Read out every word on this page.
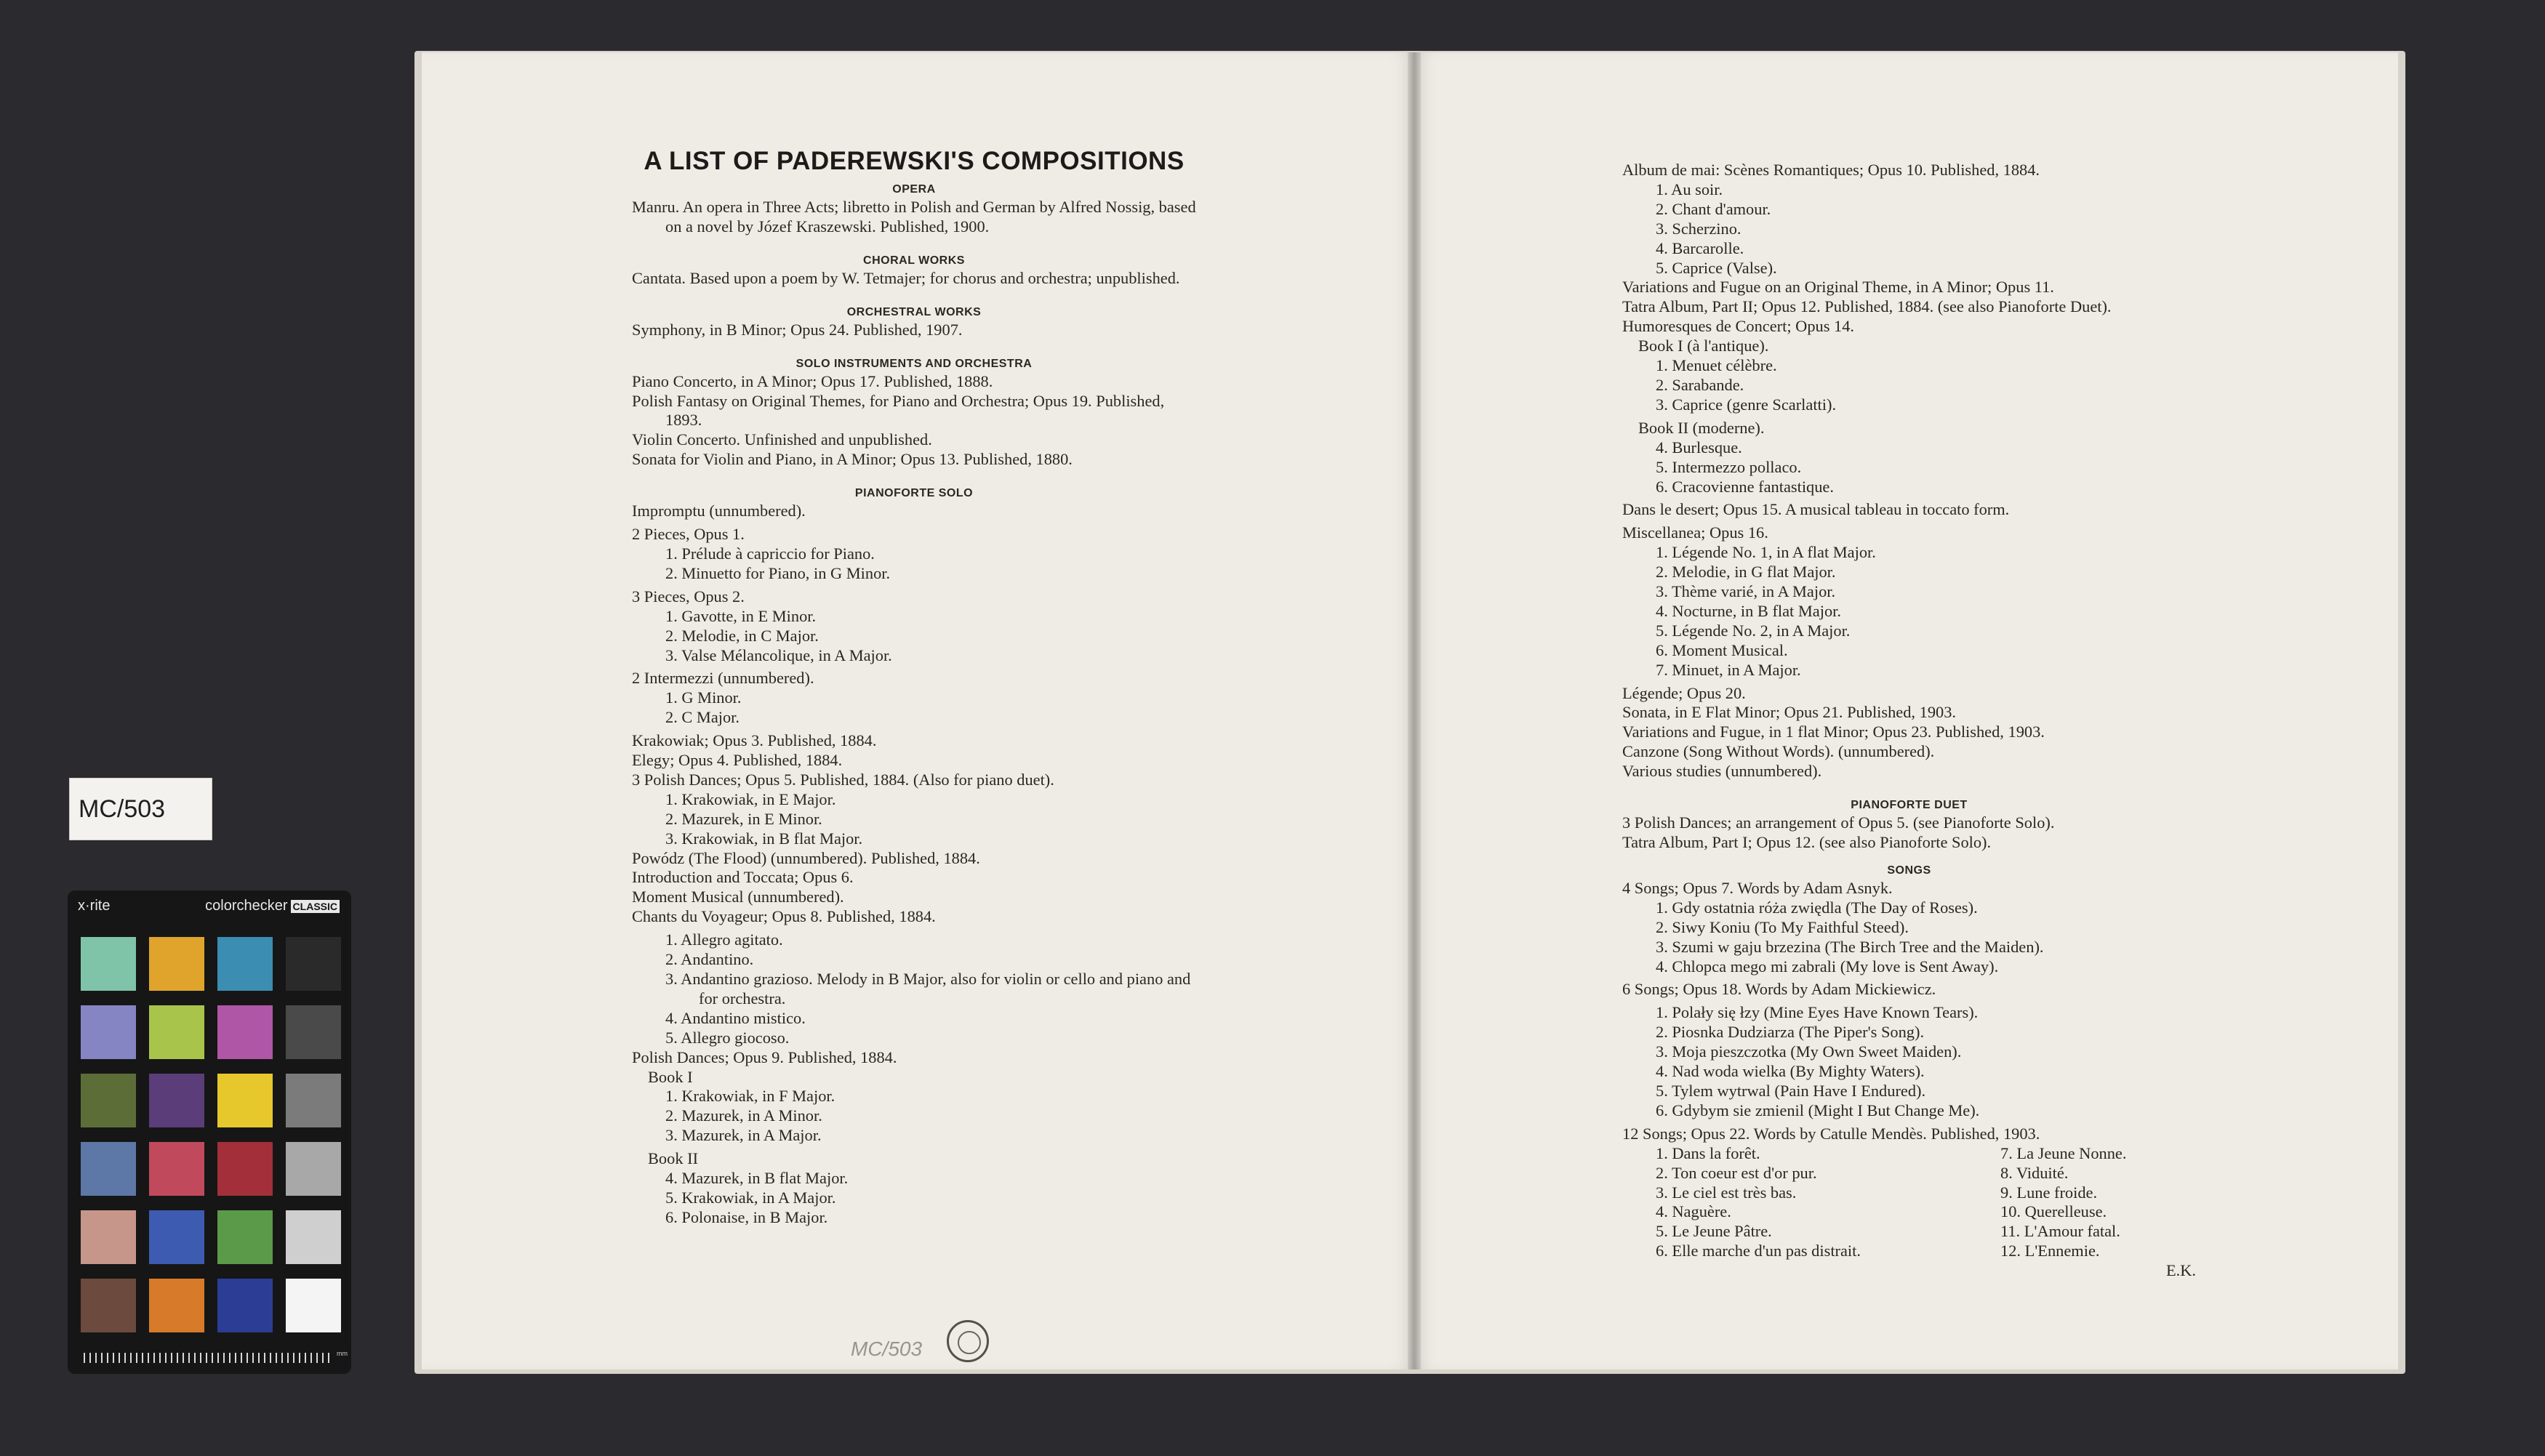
MC/503
x·rite	colorchecker CLASSIC
mm
A LIST OF PADEREWSKI'S COMPOSITIONS
OPERA
Manru. An opera in Three Acts; libretto in Polish and German by Alfred Nossig, based on a novel by Józef Kraszewski. Published, 1900.
CHORAL WORKS
Cantata. Based upon a poem by W. Tetmajer; for chorus and orchestra; unpublished.
ORCHESTRAL WORKS
Symphony, in B Minor; Opus 24. Published, 1907.
SOLO INSTRUMENTS AND ORCHESTRA
Piano Concerto, in A Minor; Opus 17. Published, 1888.
Polish Fantasy on Original Themes, for Piano and Orchestra; Opus 19. Published, 1893.
Violin Concerto. Unfinished and unpublished.
Sonata for Violin and Piano, in A Minor; Opus 13. Published, 1880.
PIANOFORTE SOLO
Impromptu (unnumbered).
2 Pieces, Opus 1.
1. Prélude à capriccio for Piano.
2. Minuetto for Piano, in G Minor.
3 Pieces, Opus 2.
1. Gavotte, in E Minor.
2. Melodie, in C Major.
3. Valse Mélancolique, in A Major.
2 Intermezzi (unnumbered).
1. G Minor.
2. C Major.
Krakowiak; Opus 3. Published, 1884.
Elegy; Opus 4. Published, 1884.
3 Polish Dances; Opus 5. Published, 1884. (Also for piano duet).
1. Krakowiak, in E Major.
2. Mazurek, in E Minor.
3. Krakowiak, in B flat Major.
Powódz (The Flood) (unnumbered). Published, 1884.
Introduction and Toccata; Opus 6.
Moment Musical (unnumbered).
Chants du Voyageur; Opus 8. Published, 1884.
1. Allegro agitato.
2. Andantino.
3. Andantino grazioso. Melody in B Major, also for violin or cello and piano and for orchestra.
4. Andantino mistico.
5. Allegro giocoso.
Polish Dances; Opus 9. Published, 1884.
Book I
1. Krakowiak, in F Major.
2. Mazurek, in A Minor.
3. Mazurek, in A Major.
Book II
4. Mazurek, in B flat Major.
5. Krakowiak, in A Major.
6. Polonaise, in B Major.
MC/503
Album de mai: Scènes Romantiques; Opus 10. Published, 1884.
1. Au soir.
2. Chant d'amour.
3. Scherzino.
4. Barcarolle.
5. Caprice (Valse).
Variations and Fugue on an Original Theme, in A Minor; Opus 11.
Tatra Album, Part II; Opus 12. Published, 1884. (see also Pianoforte Duet).
Humoresques de Concert; Opus 14.
Book I (à l'antique).
1. Menuet célèbre.
2. Sarabande.
3. Caprice (genre Scarlatti).
Book II (moderne).
4. Burlesque.
5. Intermezzo pollaco.
6. Cracovienne fantastique.
Dans le desert; Opus 15. A musical tableau in toccato form.
Miscellanea; Opus 16.
1. Légende No. 1, in A flat Major.
2. Melodie, in G flat Major.
3. Thème varié, in A Major.
4. Nocturne, in B flat Major.
5. Légende No. 2, in A Major.
6. Moment Musical.
7. Minuet, in A Major.
Légende; Opus 20.
Sonata, in E Flat Minor; Opus 21. Published, 1903.
Variations and Fugue, in 1 flat Minor; Opus 23. Published, 1903.
Canzone (Song Without Words). (unnumbered).
Various studies (unnumbered).
PIANOFORTE DUET
3 Polish Dances; an arrangement of Opus 5. (see Pianoforte Solo).
Tatra Album, Part I; Opus 12. (see also Pianoforte Solo).
SONGS
4 Songs; Opus 7. Words by Adam Asnyk.
1. Gdy ostatnia róża zwiędla (The Day of Roses).
2. Siwy Koniu (To My Faithful Steed).
3. Szumi w gaju brzezina (The Birch Tree and the Maiden).
4. Chlopca mego mi zabrali (My love is Sent Away).
6 Songs; Opus 18. Words by Adam Mickiewicz.
1. Polały się łzy (Mine Eyes Have Known Tears).
2. Piosnka Dudziarza (The Piper's Song).
3. Moja pieszczotka (My Own Sweet Maiden).
4. Nad woda wielka (By Mighty Waters).
5. Tylem wytrwal (Pain Have I Endured).
6. Gdybym sie zmienil (Might I But Change Me).
12 Songs; Opus 22. Words by Catulle Mendès. Published, 1903.
1. Dans la forêt.
2. Ton coeur est d'or pur.
3. Le ciel est très bas.
4. Naguère.
5. Le Jeune Pâtre.
6. Elle marche d'un pas distrait.
7. La Jeune Nonne.
8. Viduité.
9. Lune froide.
10. Querelleuse.
11. L'Amour fatal.
12. L'Ennemie.
E.K.
